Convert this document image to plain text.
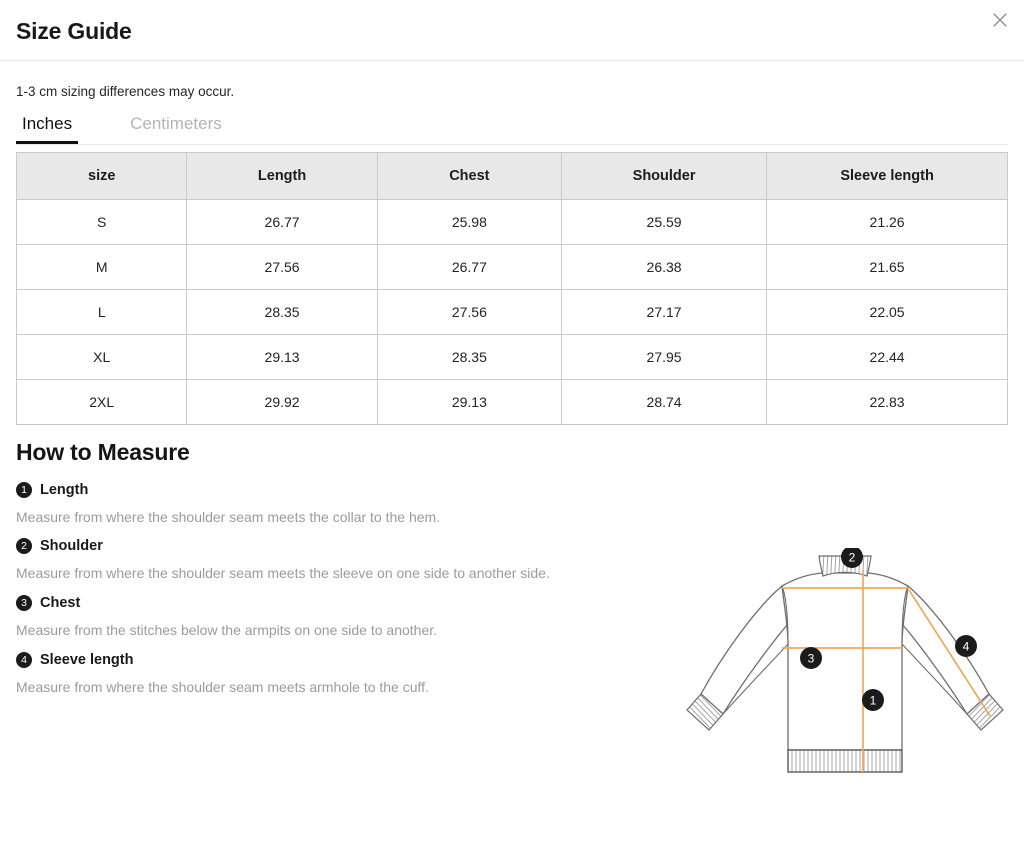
Size Guide
1-3 cm sizing differences may occur.
Inches	Centimeters
size	Length	Chest	Shoulder	Sleeve length
S	26.77	25.98	25.59	21.26
M	27.56	26.77	26.38	21.65
L	28.35	27.56	27.17	22.05
XL	29.13	28.35	27.95	22.44
2XL	29.92	29.13	28.74	22.83
How to Measure
1 Length

Measure from where the shoulder seam meets the collar to the hem.

2 Shoulder

Measure from where the shoulder seam meets the sleeve on one side to another side.

3 Chest

Measure from the stitches below the armpits on one side to another.

4 Sleeve length

Measure from where the shoulder seam meets armhole to the cuff.

2
4
3
1
